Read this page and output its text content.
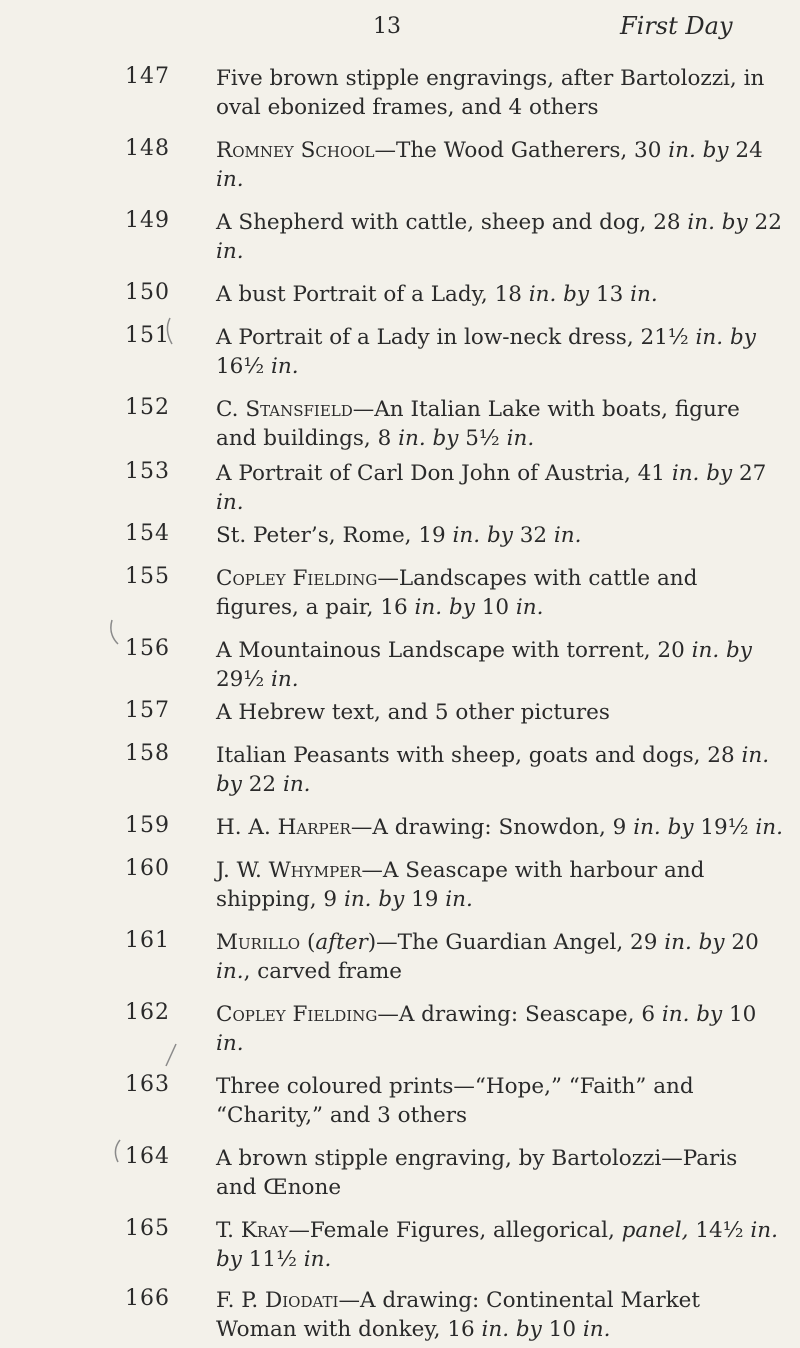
13	First Day
147	Five brown stipple engravings, after Bartolozzi, in oval ebonized frames, and 4 others
148	Romney School—The Wood Gatherers, 30 in. by 24 in.
149	A Shepherd with cattle, sheep and dog, 28 in. by 22 in.
150	A bust Portrait of a Lady, 18 in. by 13 in.
151	A Portrait of a Lady in low-neck dress, 21½ in. by 16½ in.
152	C. Stansfield—An Italian Lake with boats, figure and buildings, 8 in. by 5½ in.
153	A Portrait of Carl Don John of Austria, 41 in. by 27 in.
154	St. Peter’s, Rome, 19 in. by 32 in.
155	Copley Fielding—Landscapes with cattle and figures, a pair, 16 in. by 10 in.
156	A Mountainous Landscape with torrent, 20 in. by 29½ in.
157	A Hebrew text, and 5 other pictures
158	Italian Peasants with sheep, goats and dogs, 28 in. by 22 in.
159	H. A. Harper—A drawing: Snowdon, 9 in. by 19½ in.
160	J. W. Whymper—A Seascape with harbour and shipping, 9 in. by 19 in.
161	Murillo (after)—The Guardian Angel, 29 in. by 20 in., carved frame
162	Copley Fielding—A drawing: Seascape, 6 in. by 10 in.
163	Three coloured prints—“Hope,” “Faith” and “Charity,” and 3 others
164	A brown stipple engraving, by Bartolozzi—Paris and Œnone
165	T. Kray—Female Figures, allegorical, panel, 14½ in. by 11½ in.
166	F. P. Diodati—A drawing: Continental Market Woman with donkey, 16 in. by 10 in.
